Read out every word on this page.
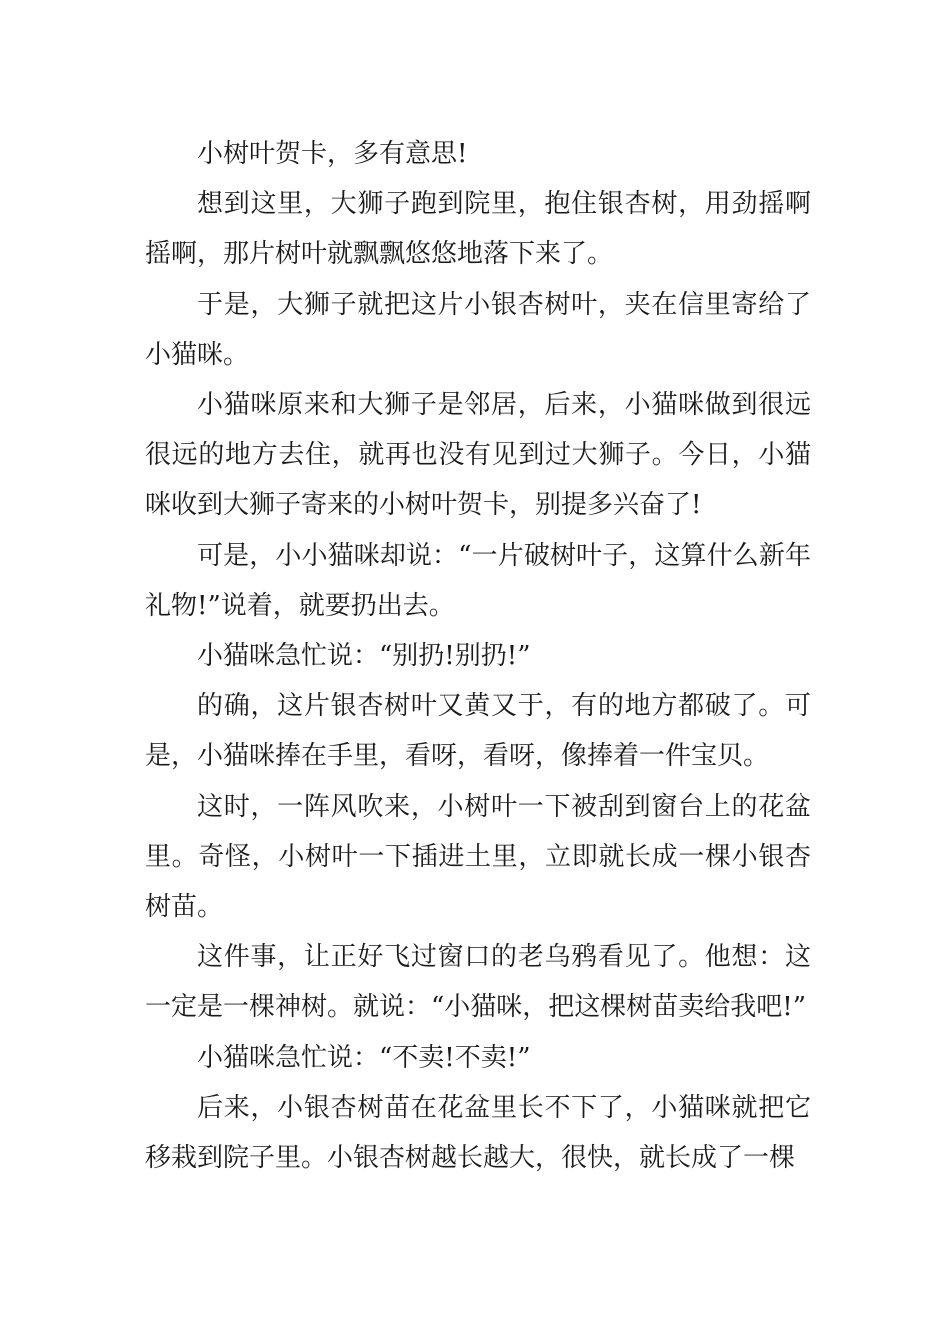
小树叶贺卡，多有意思!

想到这里，大狮子跑到院里，抱住银杏树，用劲摇啊摇啊，那片树叶就飘飘悠悠地落下来了。

于是，大狮子就把这片小银杏树叶，夹在信里寄给了小猫咪。

小猫咪原来和大狮子是邻居，后来，小猫咪做到很远很远的地方去住，就再也没有见到过大狮子。今日，小猫咪收到大狮子寄来的小树叶贺卡，别提多兴奋了!

可是，小小猫咪却说：“一片破树叶子，这算什么新年礼物!”说着，就要扔出去。

小猫咪急忙说：“别扔!别扔!”

的确，这片银杏树叶又黄又于，有的地方都破了。可是，小猫咪捧在手里，看呀，看呀，像捧着一件宝贝。

这时，一阵风吹来，小树叶一下被刮到窗台上的花盆里。奇怪，小树叶一下插进土里，立即就长成一棵小银杏树苗。

这件事，让正好飞过窗口的老乌鸦看见了。他想：这一定是一棵神树。就说：“小猫咪，把这棵树苗卖给我吧!”

小猫咪急忙说：“不卖!不卖!”

后来，小银杏树苗在花盆里长不下了，小猫咪就把它移栽到院子里。小银杏树越长越大，很快，就长成了一棵
